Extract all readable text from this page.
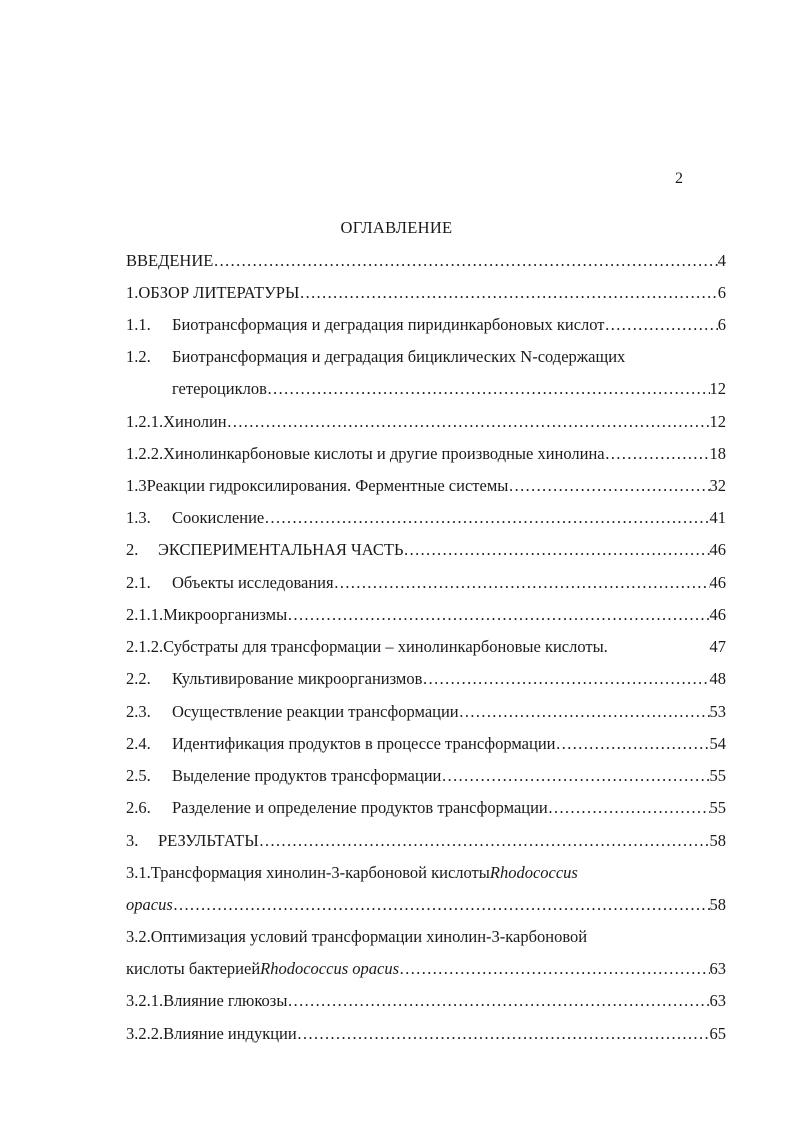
2
ОГЛАВЛЕНИЕ
ВВЕДЕНИЕ ……………………………………………………………………………………………………………………………………………………………………………………………………………	4
1. ОБЗОР ЛИТЕРАТУРЫ ……………………………………………………………………………………………………………………………………………………………………………………………………………	6
1.1.	Биотрансформация и деградация пиридинкарбоновых кислот ……………………………………………………………………………………………………………………………………………………………………………………………………………	6
1.2.	Биотрансформация и деградация бициклических N-содержащих
гетероциклов ……………………………………………………………………………………………………………………………………………………………………………………………………………	12
1.2.1. Хинолин ……………………………………………………………………………………………………………………………………………………………………………………………………………	12
1.2.2. Хинолинкарбоновые кислоты и другие производные хинолина ……………………………………………………………………………………………………………………………………………………………………………………………………………	18
1.3 Реакции гидроксилирования. Ферментные системы ……………………………………………………………………………………………………………………………………………………………………………………………………………	32
1.3.	Соокисление ……………………………………………………………………………………………………………………………………………………………………………………………………………	41
2.	ЭКСПЕРИМЕНТАЛЬНАЯ ЧАСТЬ ……………………………………………………………………………………………………………………………………………………………………………………………………………	46
2.1.	Объекты исследования ……………………………………………………………………………………………………………………………………………………………………………………………………………	46
2.1.1. Микроорганизмы ……………………………………………………………………………………………………………………………………………………………………………………………………………	46
2.1.2. Субстраты для трансформации – хинолинкарбоновые кислоты.	47
2.2.	Культивирование микроорганизмов ……………………………………………………………………………………………………………………………………………………………………………………………………………	48
2.3.	Осуществление реакции трансформации ……………………………………………………………………………………………………………………………………………………………………………………………………………	53
2.4.	Идентификация продуктов в процессе трансформации ……………………………………………………………………………………………………………………………………………………………………………………………………………	54
2.5.	Выделение продуктов трансформации ……………………………………………………………………………………………………………………………………………………………………………………………………………	55
2.6.	Разделение и определение продуктов трансформации ……………………………………………………………………………………………………………………………………………………………………………………………………………	55
3.	РЕЗУЛЬТАТЫ ……………………………………………………………………………………………………………………………………………………………………………………………………………	58
3.1. Трансформация хинолин-3-карбоновой кислоты Rhodococcus
opacus ……………………………………………………………………………………………………………………………………………………………………………………………………………	58
3.2. Оптимизация условий трансформации хинолин-3-карбоновой
кислоты бактерией Rhodococcus opacus ……………………………………………………………………………………………………………………………………………………………………………………………………………	63
3.2.1. Влияние глюкозы ……………………………………………………………………………………………………………………………………………………………………………………………………………	63
3.2.2. Влияние индукции ……………………………………………………………………………………………………………………………………………………………………………………………………………	65
